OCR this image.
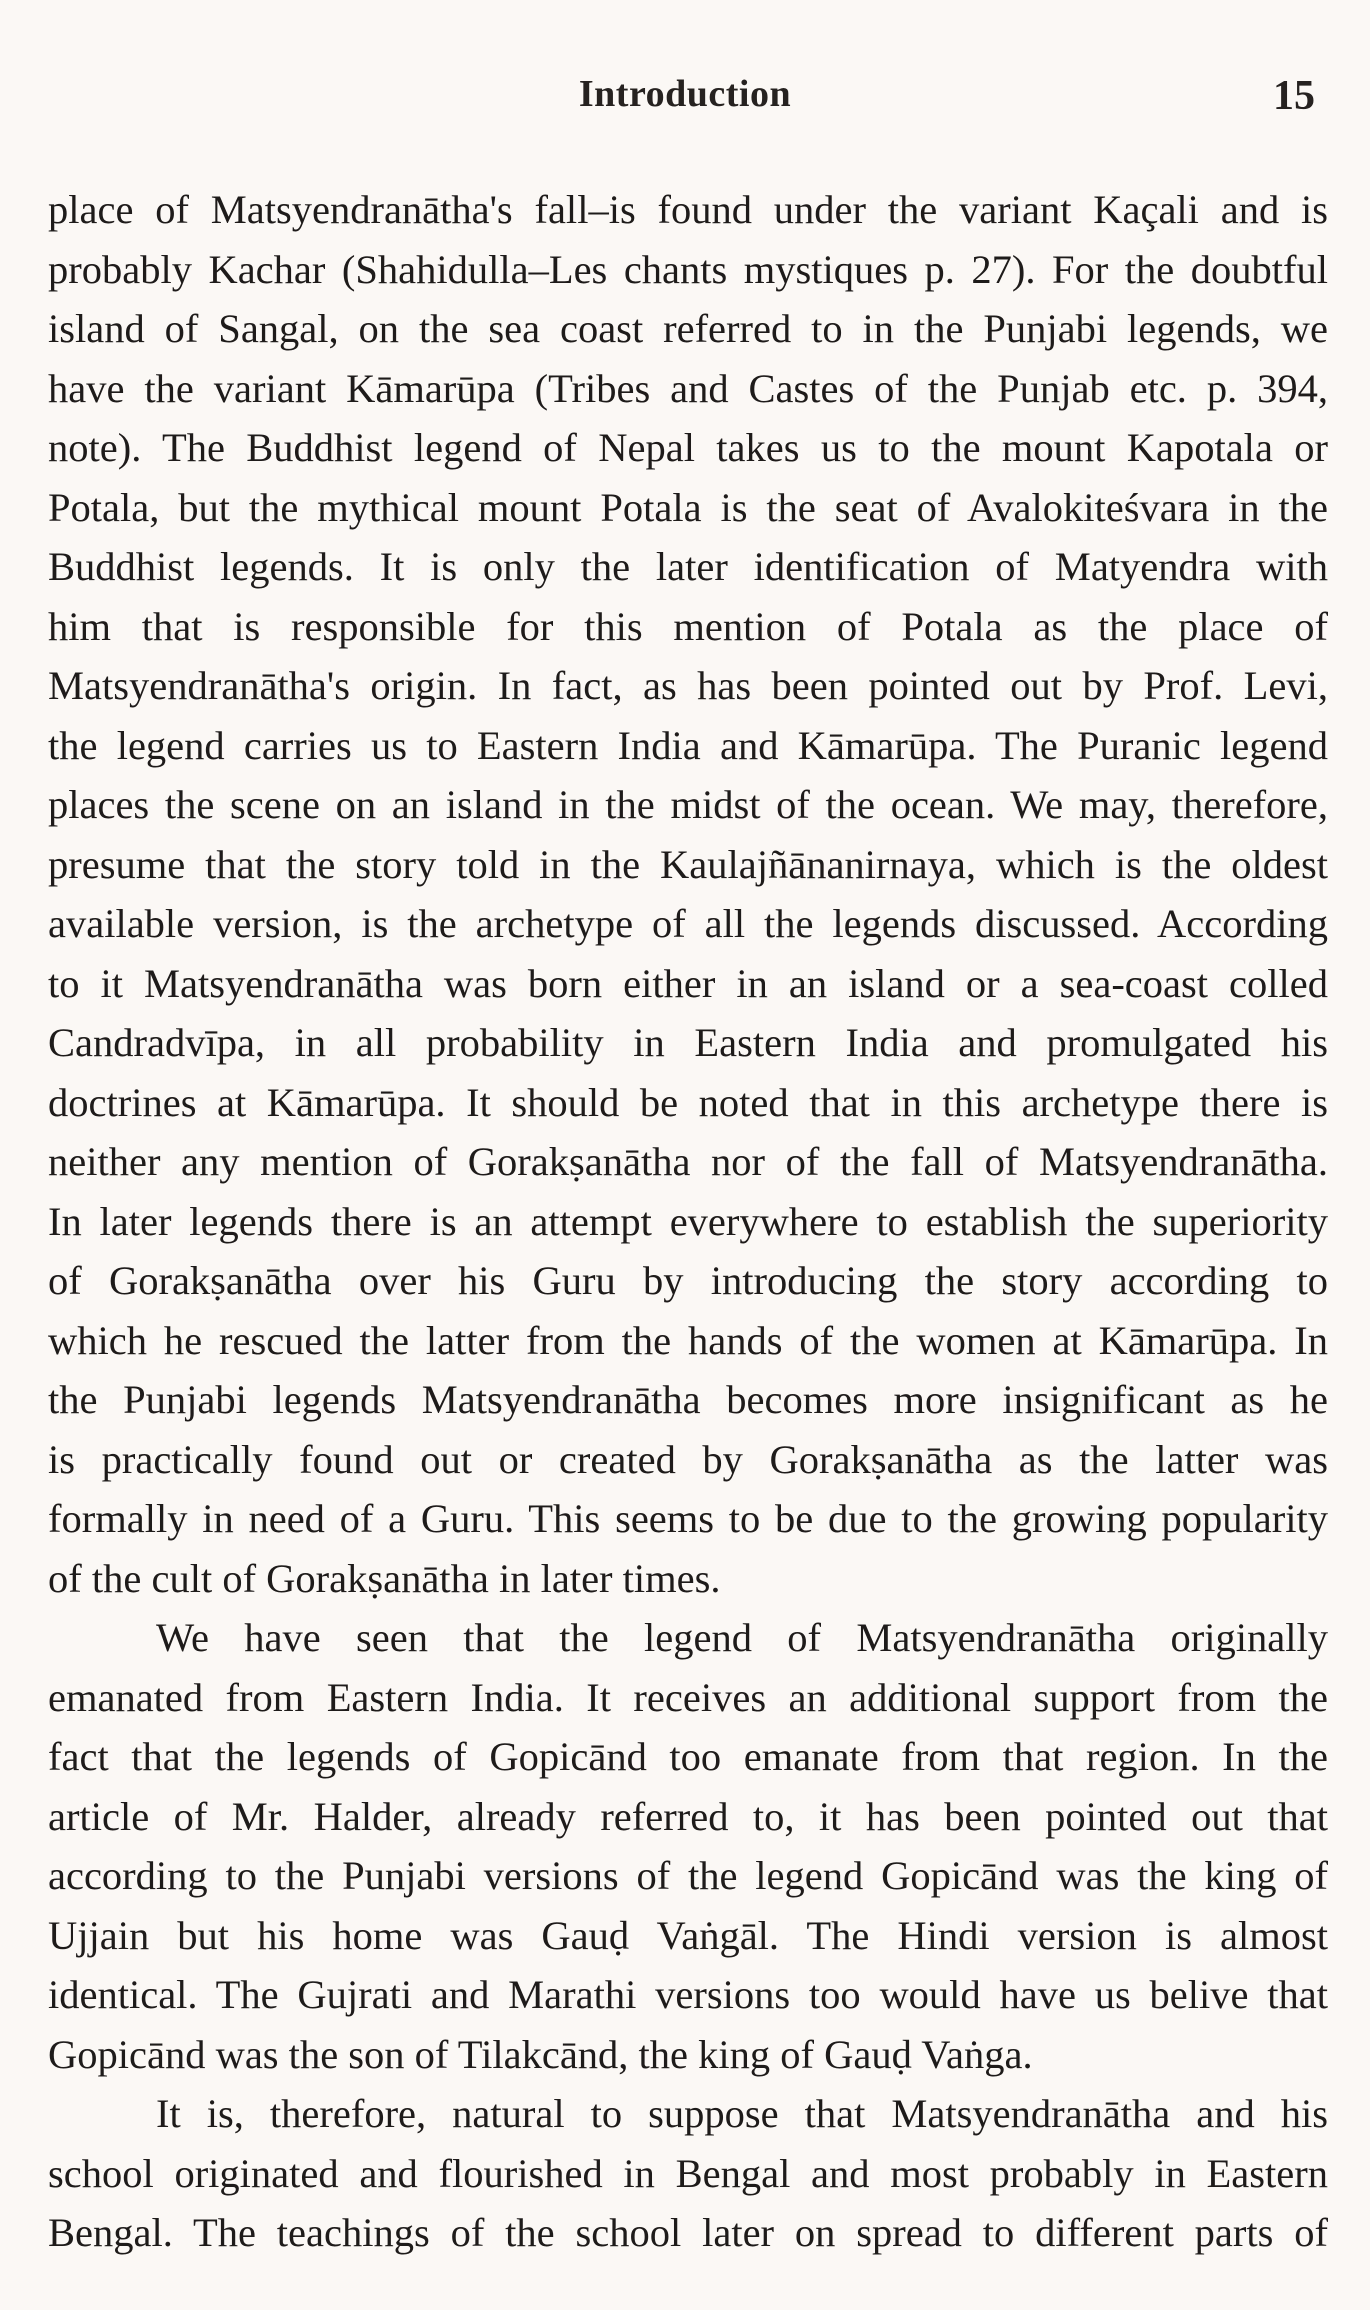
Introduction	15
place of Matsyendranātha's fall–is found under the variant Kaçali and is
probably Kachar (Shahidulla–Les chants mystiques p. 27). For the doubtful
island of Sangal, on the sea coast referred to in the Punjabi legends, we
have the variant Kāmarūpa (Tribes and Castes of the Punjab etc. p. 394,
note). The Buddhist legend of Nepal takes us to the mount Kapotala or
Potala, but the mythical mount Potala is the seat of Avalokiteśvara in the
Buddhist legends. It is only the later identification of Matyendra with
him that is responsible for this mention of Potala as the place of
Matsyendranātha's origin. In fact, as has been pointed out by Prof. Levi,
the legend carries us to Eastern India and Kāmarūpa. The Puranic legend
places the scene on an island in the midst of the ocean. We may, therefore,
presume that the story told in the Kaulajñānanirnaya, which is the oldest
available version, is the archetype of all the legends discussed. According
to it Matsyendranātha was born either in an island or a sea-coast colled
Candradvīpa, in all probability in Eastern India and promulgated his
doctrines at Kāmarūpa. It should be noted that in this archetype there is
neither any mention of Gorakṣanātha nor of the fall of Matsyendranātha.
In later legends there is an attempt everywhere to establish the superiority
of Gorakṣanātha over his Guru by introducing the story according to
which he rescued the latter from the hands of the women at Kāmarūpa. In
the Punjabi legends Matsyendranātha becomes more insignificant as he
is practically found out or created by Gorakṣanātha as the latter was
formally in need of a Guru. This seems to be due to the growing popularity
of the cult of Gorakṣanātha in later times.
We have seen that the legend of Matsyendranātha originally
emanated from Eastern India. It receives an additional support from the
fact that the legends of Gopicānd too emanate from that region. In the
article of Mr. Halder, already referred to, it has been pointed out that
according to the Punjabi versions of the legend Gopicānd was the king of
Ujjain but his home was Gauḍ Vaṅgāl. The Hindi version is almost
identical. The Gujrati and Marathi versions too would have us belive that
Gopicānd was the son of Tilakcānd, the king of Gauḍ Vaṅga.
It is, therefore, natural to suppose that Matsyendranātha and his
school originated and flourished in Bengal and most probably in Eastern
Bengal. The teachings of the school later on spread to different parts of
